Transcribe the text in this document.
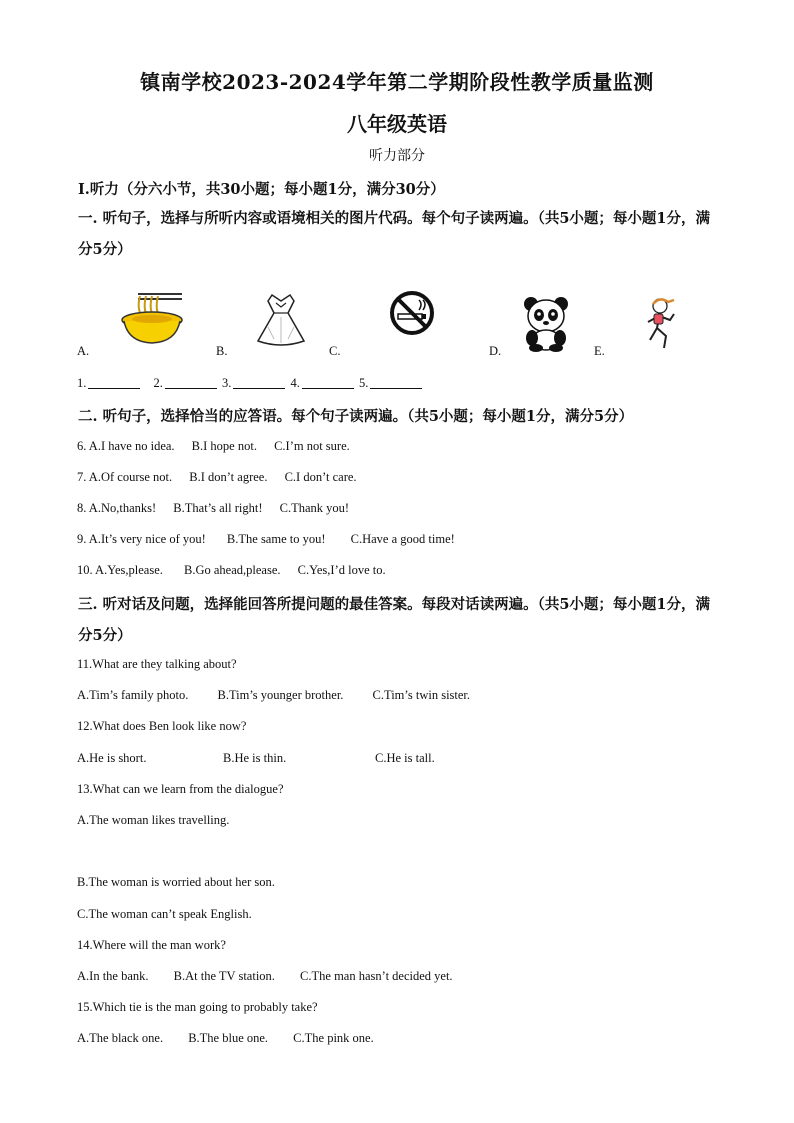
镇南学校2023-2024学年第二学期阶段性教学质量监测
八年级英语
听力部分
Ⅰ.听力（分六小节，共30小题；每小题1分，满分30分）
一. 听句子，选择与所听内容或语境相关的图片代码。每个句子读两遍。（共5小题；每小题1分，满分5分）
A.	B.	C.	D.	E.
1.	2.	3.	4.	5.
二. 听句子，选择恰当的应答语。每个句子读两遍。（共5小题；每小题1分，满分5分）
6. A.I have no idea. B.I hope not. C.I’m not sure.
7. A.Of course not. B.I don’t agree. C.I don’t care.
8. A.No,thanks! B.That’s all right! C.Thank you!
9. A.It’s very nice of you! B.The same to you! C.Have a good time!
10. A.Yes,please. B.Go ahead,please. C.Yes,I’d love to.
三. 听对话及问题，选择能回答所提问题的最佳答案。每段对话读两遍。（共5小题；每小题1分，满分5分）
11.What are they talking about?
A.Tim’s family photo. B.Tim’s younger brother. C.Tim’s twin sister.
12.What does Ben look like now?
A.He is short.	B.He is thin.	C.He is tall.
13.What can we learn from the dialogue?
A.The woman likes travelling.
B.The woman is worried about her son.
C.The woman can’t speak English.
14.Where will the man work?
A.In the bank. B.At the TV station. C.The man hasn’t decided yet.
15.Which tie is the man going to probably take?
A.The black one. B.The blue one. C.The pink one.
